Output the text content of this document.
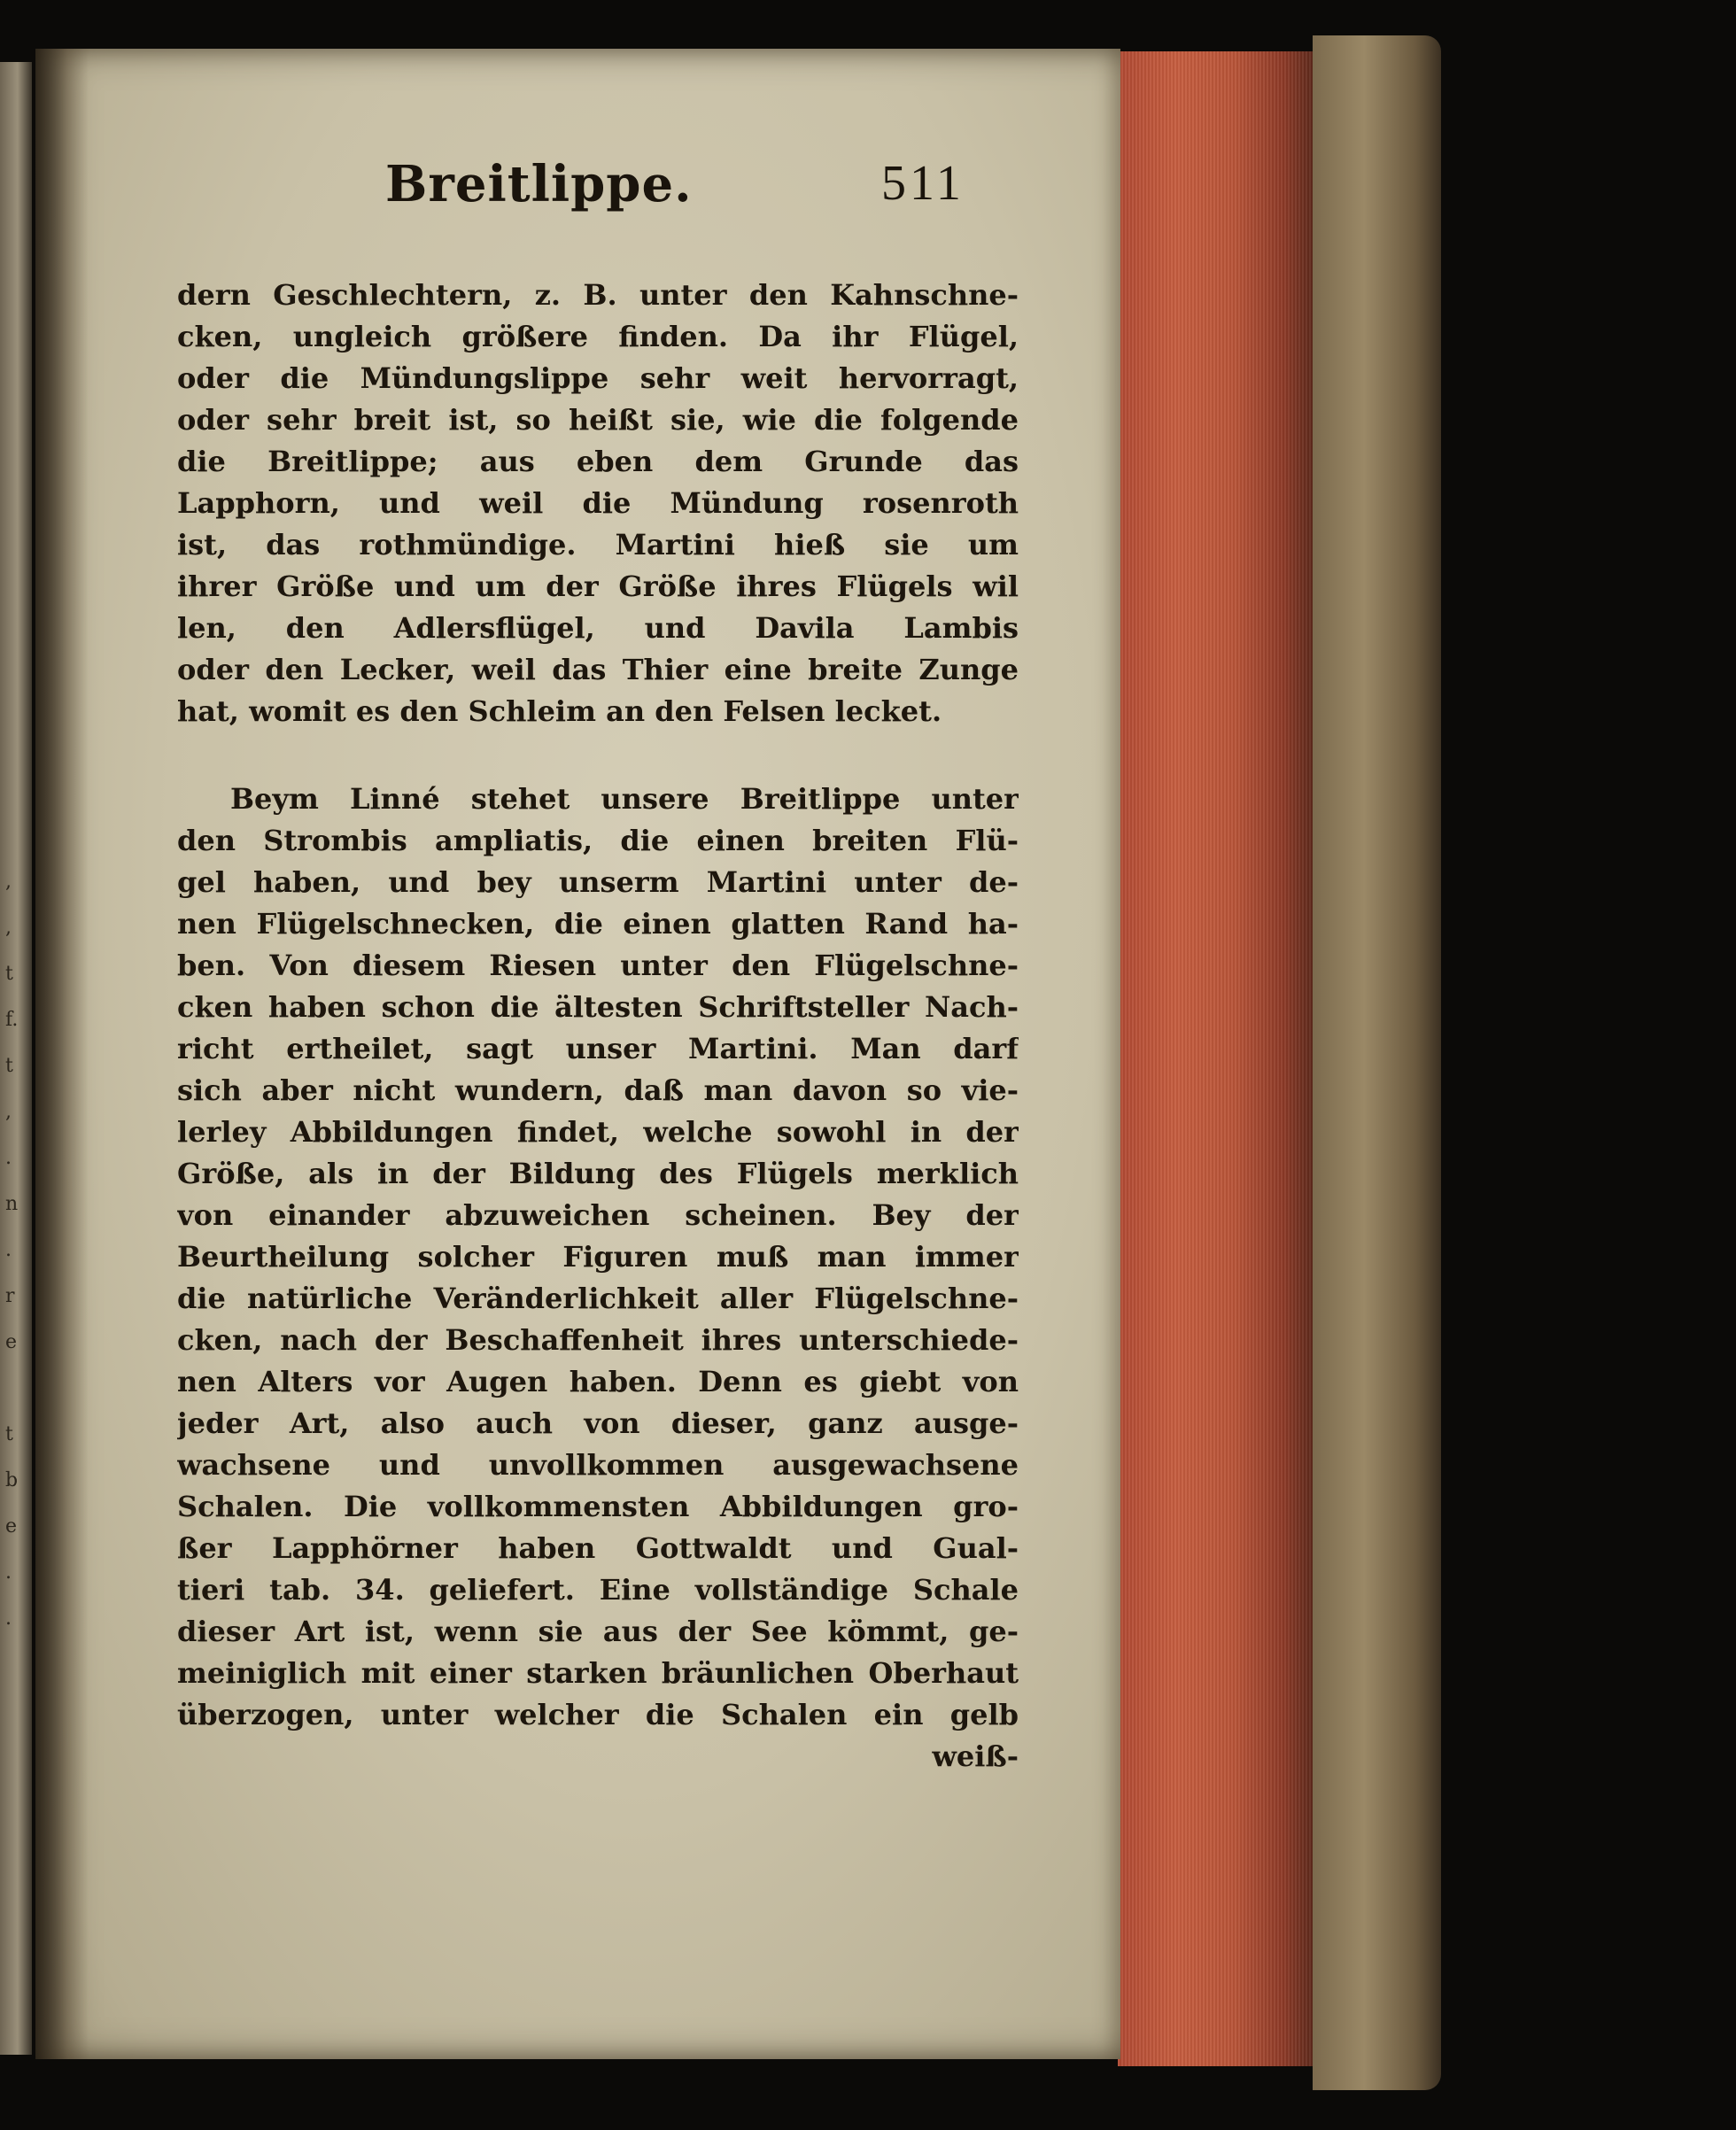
,
,
t
f.
t
,
.
n
.
r
e

t
b
e
.
.
Breitlippe.	511
dern Geschlechtern, z. B. unter den Kahnschne-
cken, ungleich größere finden. Da ihr Flügel,
oder die Mündungslippe sehr weit hervorragt,
oder sehr breit ist, so heißt sie, wie die folgende
die Breitlippe; aus eben dem Grunde das
Lapphorn, und weil die Mündung rosenroth
ist, das rothmündige. Martini hieß sie um
ihrer Größe und um der Größe ihres Flügels wil
len, den Adlersflügel, und Davila Lambis
oder den Lecker, weil das Thier eine breite Zunge
hat, womit es den Schleim an den Felsen lecket.
Beym Linné stehet unsere Breitlippe unter
den Strombis ampliatis, die einen breiten Flü-
gel haben, und bey unserm Martini unter de-
nen Flügelschnecken, die einen glatten Rand ha-
ben. Von diesem Riesen unter den Flügelschne-
cken haben schon die ältesten Schriftsteller Nach-
richt ertheilet, sagt unser Martini. Man darf
sich aber nicht wundern, daß man davon so vie-
lerley Abbildungen findet, welche sowohl in der
Größe, als in der Bildung des Flügels merklich
von einander abzuweichen scheinen. Bey der
Beurtheilung solcher Figuren muß man immer
die natürliche Veränderlichkeit aller Flügelschne-
cken, nach der Beschaffenheit ihres unterschiede-
nen Alters vor Augen haben. Denn es giebt von
jeder Art, also auch von dieser, ganz ausge-
wachsene und unvollkommen ausgewachsene
Schalen. Die vollkommensten Abbildungen gro-
ßer Lapphörner haben Gottwaldt und Gual-
tieri tab. 34. geliefert. Eine vollständige Schale
dieser Art ist, wenn sie aus der See kömmt, ge-
meiniglich mit einer starken bräunlichen Oberhaut
überzogen, unter welcher die Schalen ein gelb
weiß-
